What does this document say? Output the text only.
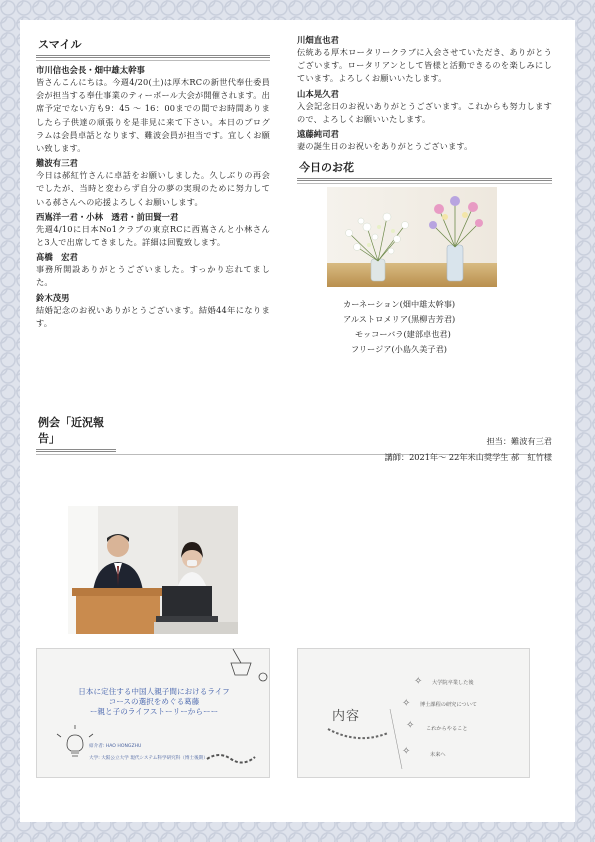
スマイル
市川信也会長・畑中雄太幹事
皆さんこんにちは。今週4/20(土)は厚木RCの新世代奉仕委員会が担当する奉仕事業のティーボール大会が開催されます。出席予定でない方も9：45 ～ 16：00までの間でお時間ありましたら子供達の頑張りを是非見に来て下さい。本日のプログラムは会員卓話となります、難波会員が担当です。宜しくお願い致します。
難波有三君
今日は郝紅竹さんに卓話をお願いしました。久しぶりの再会でしたが、当時と変わらず自分の夢の実現のために努力している郝さんへの応援よろしくお願いします。
西嶌洋一君・小林　透君・前田賢一君
先週4/10に日本No1クラブの東京RCに西嶌さんと小林さんと3人で出席してきました。詳細は回覧致します。
髙橋　宏君
事務所開設ありがとうございました。すっかり忘れてました。
鈴木茂男
結婚記念のお祝いありがとうございます。結婚44年になります。
川畑直也君
伝統ある厚木ロータリークラブに入会させていただき、ありがとうございます。ロータリアンとして皆様と活動できるのを楽しみにしています。よろしくお願いいたします。
山本晃久君
入会記念日のお祝いありがとうございます。これからも努力しますので、よろしくお願いいたします。
遠藤純司君
妻の誕生日のお祝いをありがとうございます。
今日のお花
カーネーション(畑中雄太幹事)
アルストロメリア(黒柳吉芳君)
モッコーバラ(建部卓也君)
フリージア(小島久美子君)
例会「近況報告」	担当：難波有三君
講師：2021年～ 22年米山奨学生 郝　紅竹様
日本に定住する中国人親子間におけるライフ
コースの選択をめぐる葛藤
ー親と子のライフストーリーからーー
紹介者: HAO HONGZHU
大学: 大阪公立大学 現代システム科学研究科（博士後期）
内容
✧
✧
✧
✧
大学院卒業した後
博士課程の研究について
これからやること
未来へ
